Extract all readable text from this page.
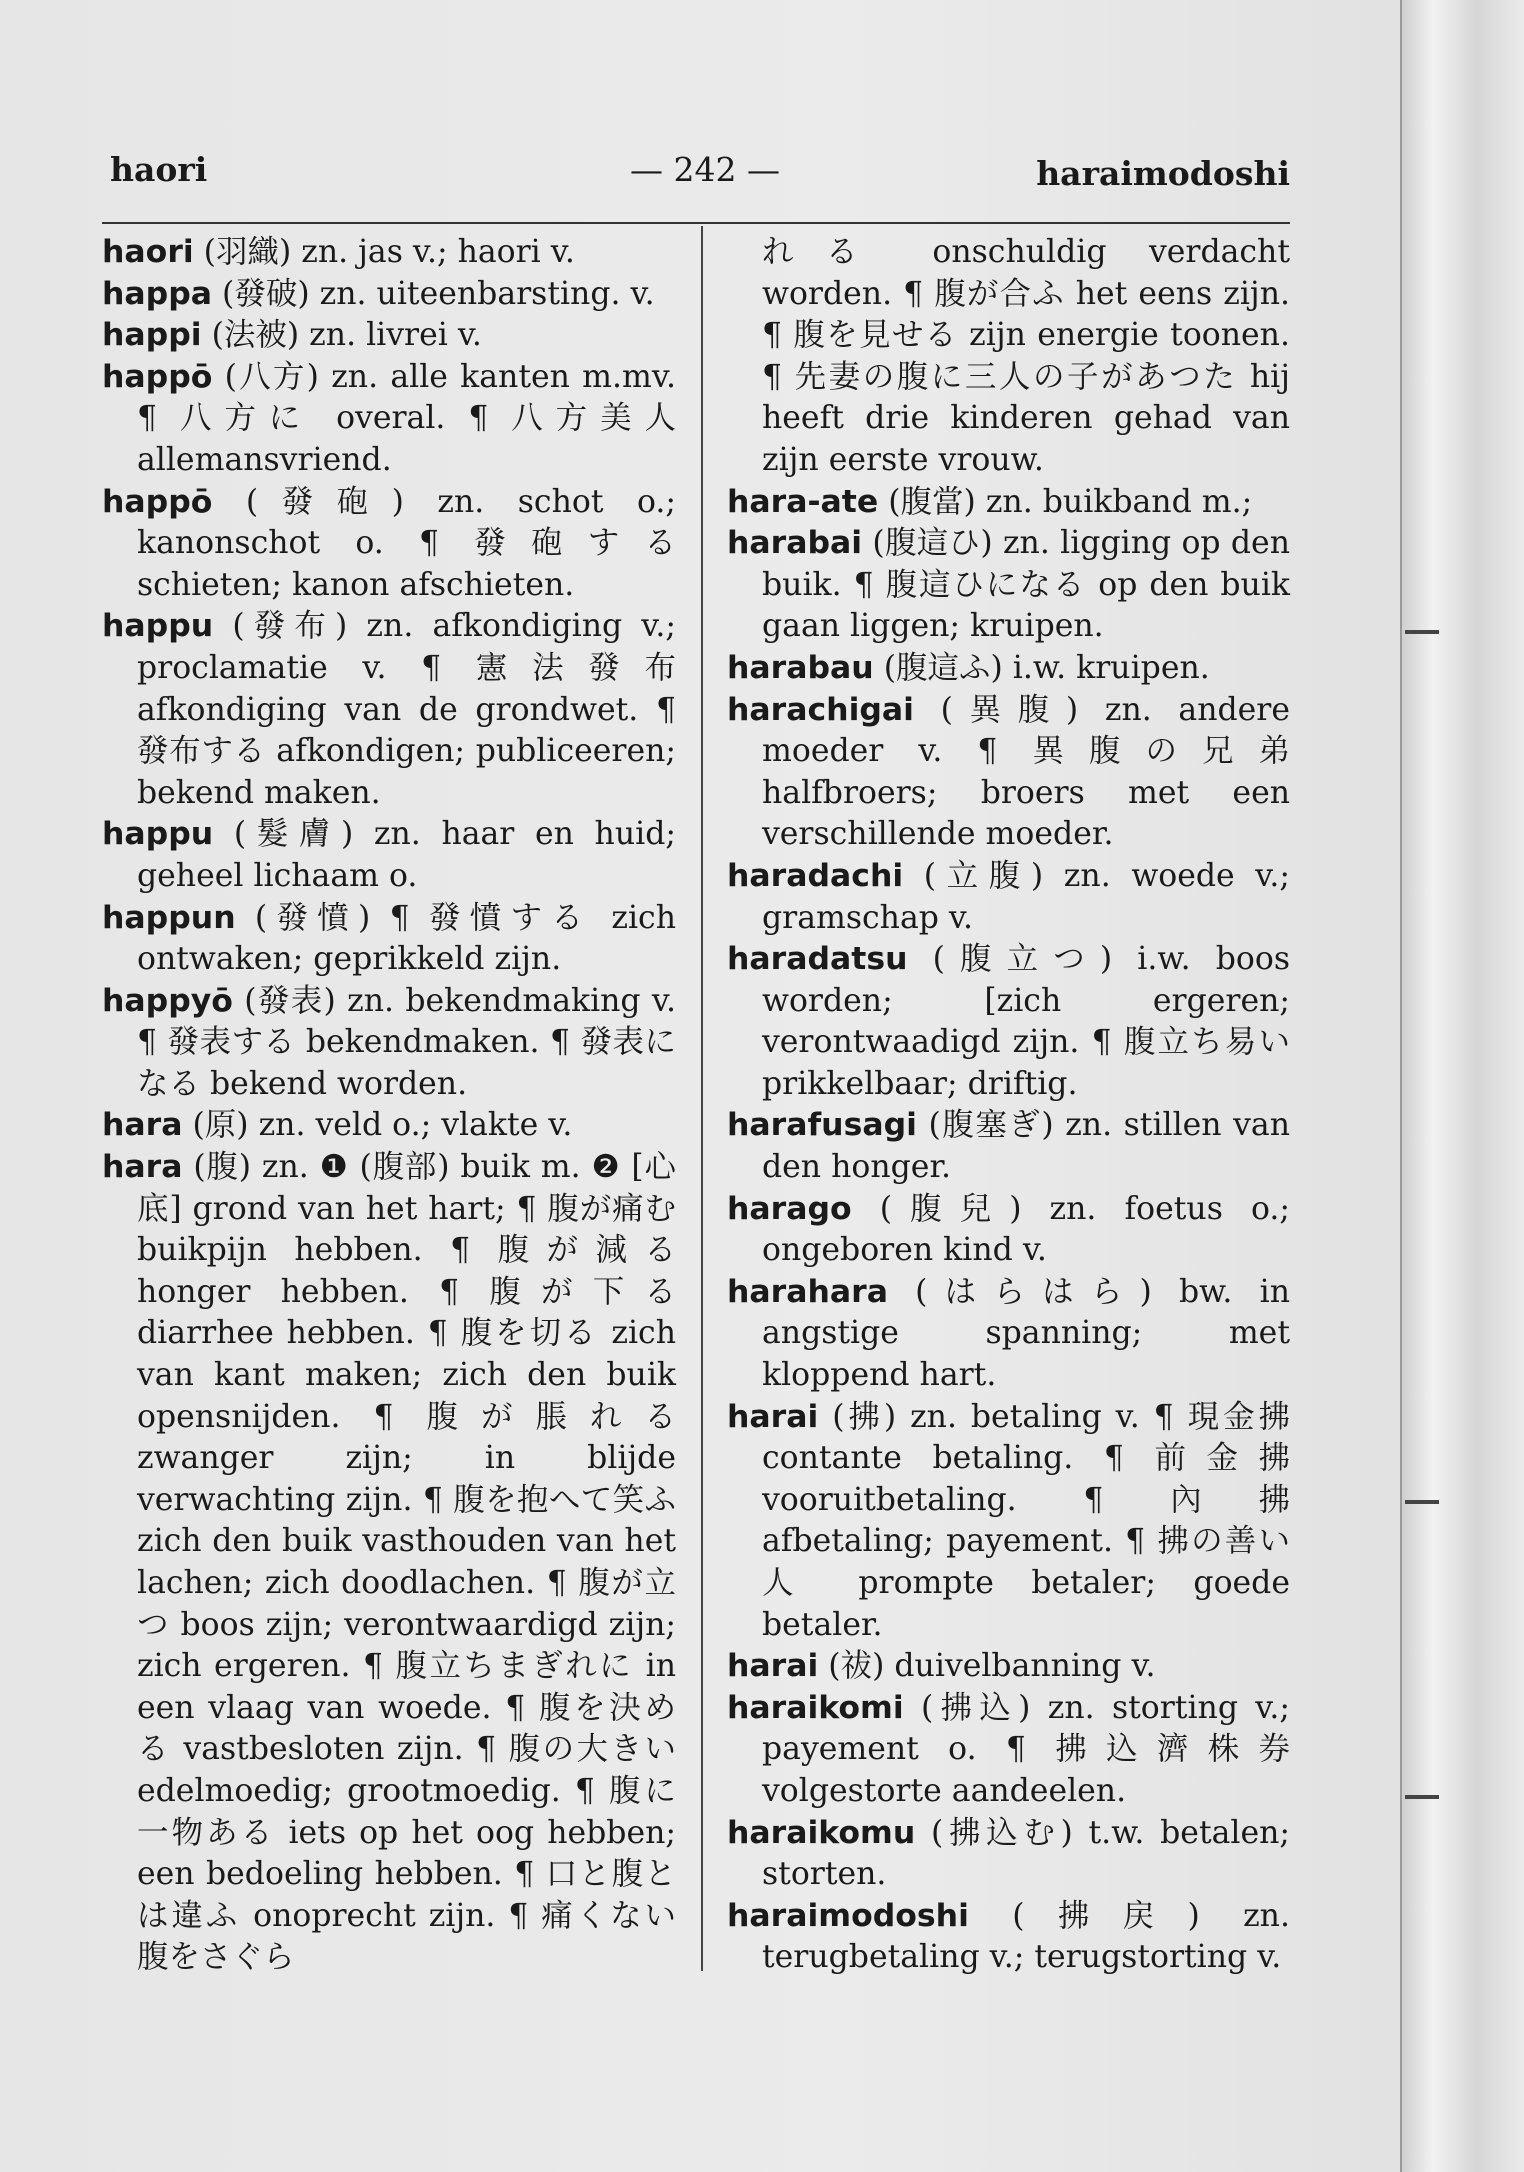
haori	— 242 —	haraimodoshi

haori (羽織) zn. jas v.; haori v.

happa (發破) zn. uiteenbarsting. v.

happi (法被) zn. livrei v.

happō (八方) zn. alle kanten m.mv. ¶ 八方に overal. ¶ 八方美人 allemansvriend.

happō (發砲) zn. schot o.; kanonschot o. ¶ 發砲する schieten; kanon afschieten.

happu (發布) zn. afkondiging v.; proclamatie v. ¶ 憲法發布 afkondiging van de grondwet. ¶ 發布する afkondigen; publiceeren; bekend maken.

happu (髮膚) zn. haar en huid; geheel lichaam o.

happun (發憤) ¶ 發憤する zich ontwaken; geprikkeld zijn.

happyō (發表) zn. bekendmaking v. ¶ 發表する bekendmaken. ¶ 發表になる bekend worden.

hara (原) zn. veld o.; vlakte v.

hara (腹) zn. ❶ (腹部) buik m. ❷ [心底] grond van het hart; ¶ 腹が痛む buikpijn hebben. ¶ 腹が減る honger hebben. ¶ 腹が下る diarrhee hebben. ¶ 腹を切る zich van kant maken; zich den buik opensnijden. ¶ 腹が脹れる zwanger zijn; in blijde verwachting zijn. ¶ 腹を抱へて笑ふ zich den buik vasthouden van het lachen; zich doodlachen. ¶ 腹が立つ boos zijn; verontwaardigd zijn; zich ergeren. ¶ 腹立ちまぎれに in een vlaag van woede. ¶ 腹を決める vastbesloten zijn. ¶ 腹の大きい edelmoedig; grootmoedig. ¶ 腹に一物ある iets op het oog hebben; een bedoeling hebben. ¶ 口と腹とは違ふ onoprecht zijn. ¶ 痛くない腹をさぐら

れる onschuldig verdacht worden. ¶ 腹が合ふ het eens zijn. ¶ 腹を見せる zijn energie toonen. ¶ 先妻の腹に三人の子があつた hij heeft drie kinderen gehad van zijn eerste vrouw.

hara-ate (腹當) zn. buikband m.;

harabai (腹這ひ) zn. ligging op den buik. ¶ 腹這ひになる op den buik gaan liggen; kruipen.

harabau (腹這ふ) i.w. kruipen.

harachigai (異腹) zn. andere moeder v. ¶ 異腹の兄弟 halfbroers; broers met een verschillende moeder.

haradachi (立腹) zn. woede v.; gramschap v.

haradatsu (腹立つ) i.w. boos worden; [zich ergeren; verontwaadigd zijn. ¶ 腹立ち易い prikkelbaar; driftig.

harafusagi (腹塞ぎ) zn. stillen van den honger.

harago (腹兒) zn. foetus o.; ongeboren kind v.

harahara (はらはら) bw. in angstige spanning; met kloppend hart.

harai (拂) zn. betaling v. ¶ 現金拂 contante betaling. ¶ 前金拂 vooruitbetaling. ¶ 內拂 afbetaling; payement. ¶ 拂の善い人 prompte betaler; goede betaler.

harai (祓) duivelbanning v.

haraikomi (拂込) zn. storting v.; payement o. ¶ 拂込濟株券 volgestorte aandeelen.

haraikomu (拂込む) t.w. betalen; storten.

haraimodoshi (拂戻) zn. terugbetaling v.; terugstorting v.
